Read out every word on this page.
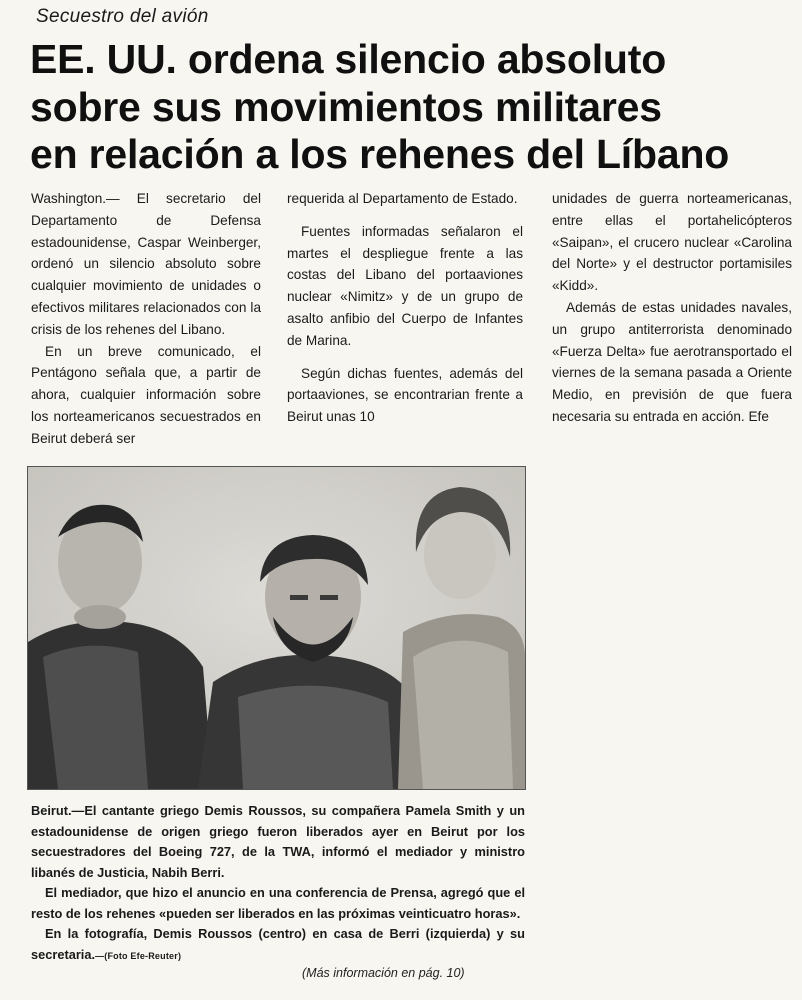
Secuestro del avión
EE. UU. ordena silencio absoluto
sobre sus movimientos militares
en relación a los rehenes del Líbano

Washington.— El secretario del Departamento de Defensa estadounidense, Caspar Weinberger, ordenó un silencio absoluto sobre cualquier movimiento de unidades o efectivos militares relacionados con la crisis de los rehenes del Libano.

En un breve comunicado, el Pentágono señala que, a partir de ahora, cualquier información sobre los norteamericanos secuestrados en Beirut deberá ser

requerida al Departamento de Estado.

Fuentes informadas señalaron el martes el despliegue frente a las costas del Libano del portaaviones nuclear «Nimitz» y de un grupo de asalto anfibio del Cuerpo de Infantes de Marina.

Según dichas fuentes, además del portaaviones, se encontrarian frente a Beirut unas 10

unidades de guerra norteamericanas, entre ellas el portahelicópteros «Saipan», el crucero nuclear «Carolina del Norte» y el destructor portamisiles «Kidd».

Además de estas unidades navales, un grupo antiterrorista denominado «Fuerza Delta» fue aerotransportado el viernes de la semana pasada a Oriente Medio, en previsión de que fuera necesaria su entrada en acción. Efe

Beirut.—El cantante griego Demis Roussos, su compañera Pamela Smith y un estadounidense de origen griego fueron liberados ayer en Beirut por los secuestradores del Boeing 727, de la TWA, informó el mediador y ministro libanés de Justicia, Nabih Berri.

El mediador, que hizo el anuncio en una conferencia de Prensa, agregó que el resto de los rehenes «pueden ser liberados en las próximas veinticuatro horas».

En la fotografía, Demis Roussos (centro) en casa de Berri (izquierda) y su secretaria.—(Foto Efe-Reuter)

(Más información en pág. 10)
